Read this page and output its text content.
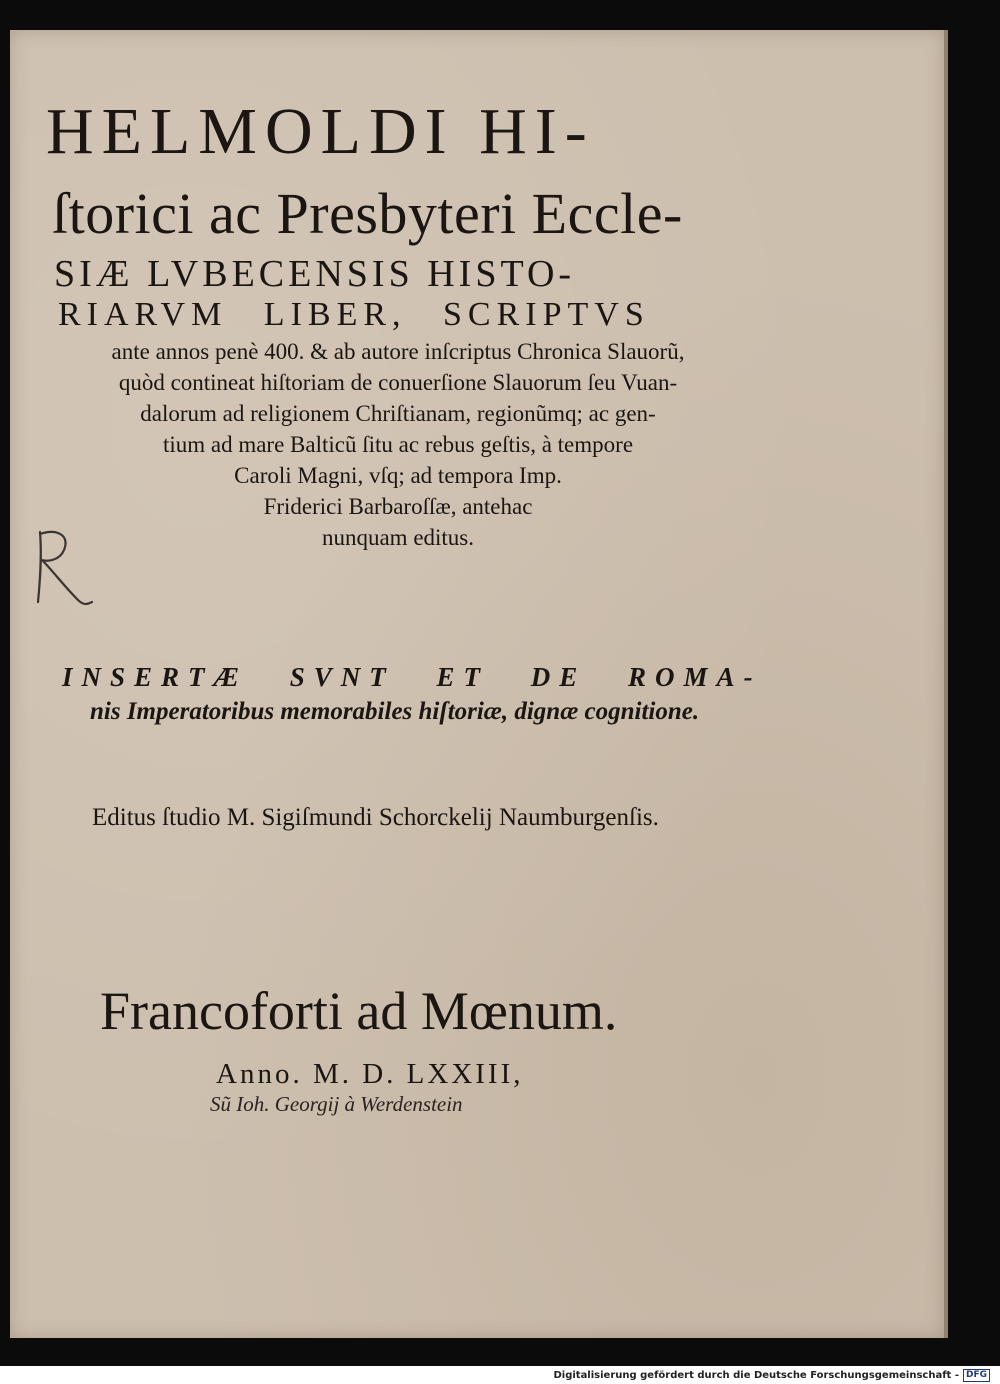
HELMOLDI HI-

ſtorici ac Presbyteri Eccle-

SIÆ LVBECENSIS HISTO-

RIARVM LIBER, SCRIPTVS

ante annos penè 400. & ab autore inſcriptus Chronica Slauorũ,
quòd contineat hiſtoriam de conuerſione Slauorum ſeu Vuan-
dalorum ad religionem Chriſtianam, regionũmq; ac gen-
tium ad mare Balticũ ſitu ac rebus geſtis, à tempore
Caroli Magni, vſq; ad tempora Imp.
Friderici Barbaroſſæ, antehac
nunquam editus.

INSERTÆ SVNT ET DE ROMA-

nis Imperatoribus memorabiles hiſtoriæ, dignæ cognitione.

Editus ſtudio M. Sigiſmundi Schorckelij Naumburgenſis.

Francoforti ad Mœnum.

Anno. M. D. LXXIII,

Sũ Ioh. Georgij à Werdenstein
Digitalisierung gefördert durch die Deutsche Forschungsgemeinschaft - DFG
